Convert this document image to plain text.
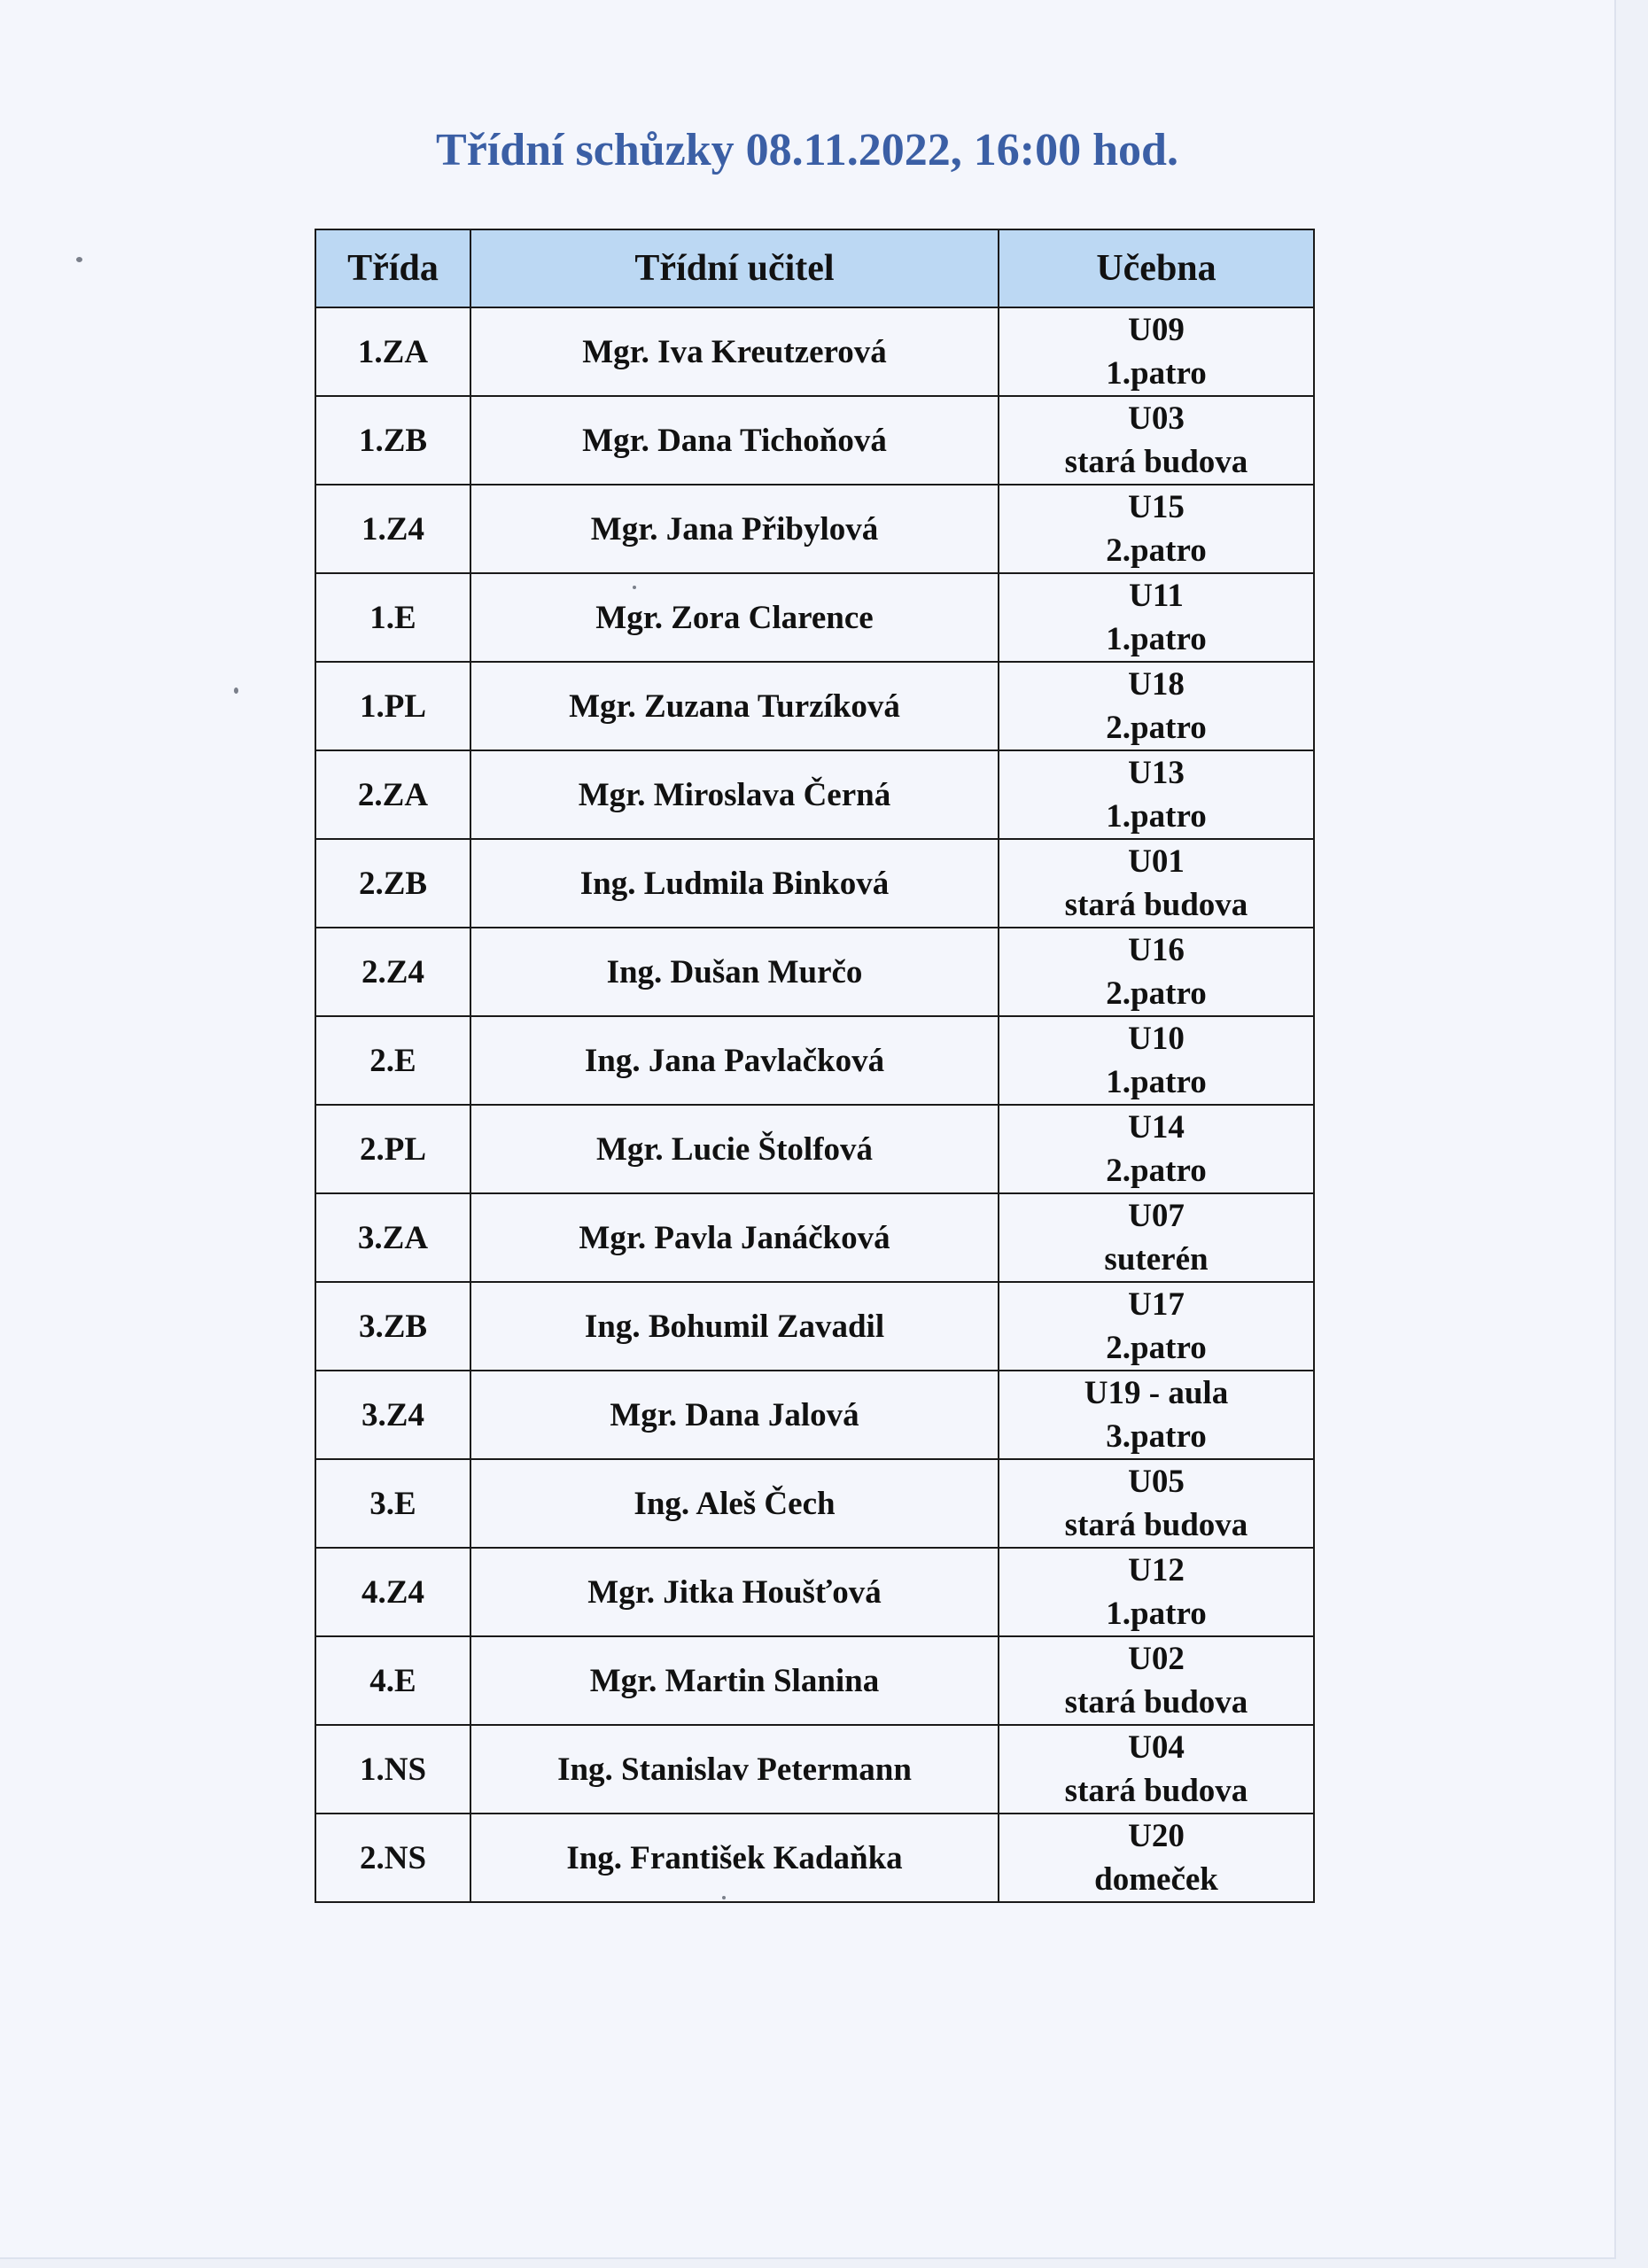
Třídní schůzky 08.11.2022, 16:00 hod.
Třída	Třídní učitel	Učebna
1.ZA	Mgr. Iva Kreutzerová	U09
1.patro

1.ZB	Mgr. Dana Tichoňová	U03
stará budova

1.Z4	Mgr. Jana Přibylová	U15
2.patro

1.E	Mgr. Zora Clarence	U11
1.patro

1.PL	Mgr. Zuzana Turzíková	U18
2.patro

2.ZA	Mgr. Miroslava Černá	U13
1.patro

2.ZB	Ing. Ludmila Binková	U01
stará budova

2.Z4	Ing. Dušan Murčo	U16
2.patro

2.E	Ing. Jana Pavlačková	U10
1.patro

2.PL	Mgr. Lucie Štolfová	U14
2.patro

3.ZA	Mgr. Pavla Janáčková	U07
suterén

3.ZB	Ing. Bohumil Zavadil	U17
2.patro

3.Z4	Mgr. Dana Jalová	U19 - aula
3.patro

3.E	Ing. Aleš Čech	U05
stará budova

4.Z4	Mgr. Jitka Houšťová	U12
1.patro

4.E	Mgr. Martin Slanina	U02
stará budova

1.NS	Ing. Stanislav Petermann	U04
stará budova

2.NS	Ing. František Kadaňka	U20
domeček
